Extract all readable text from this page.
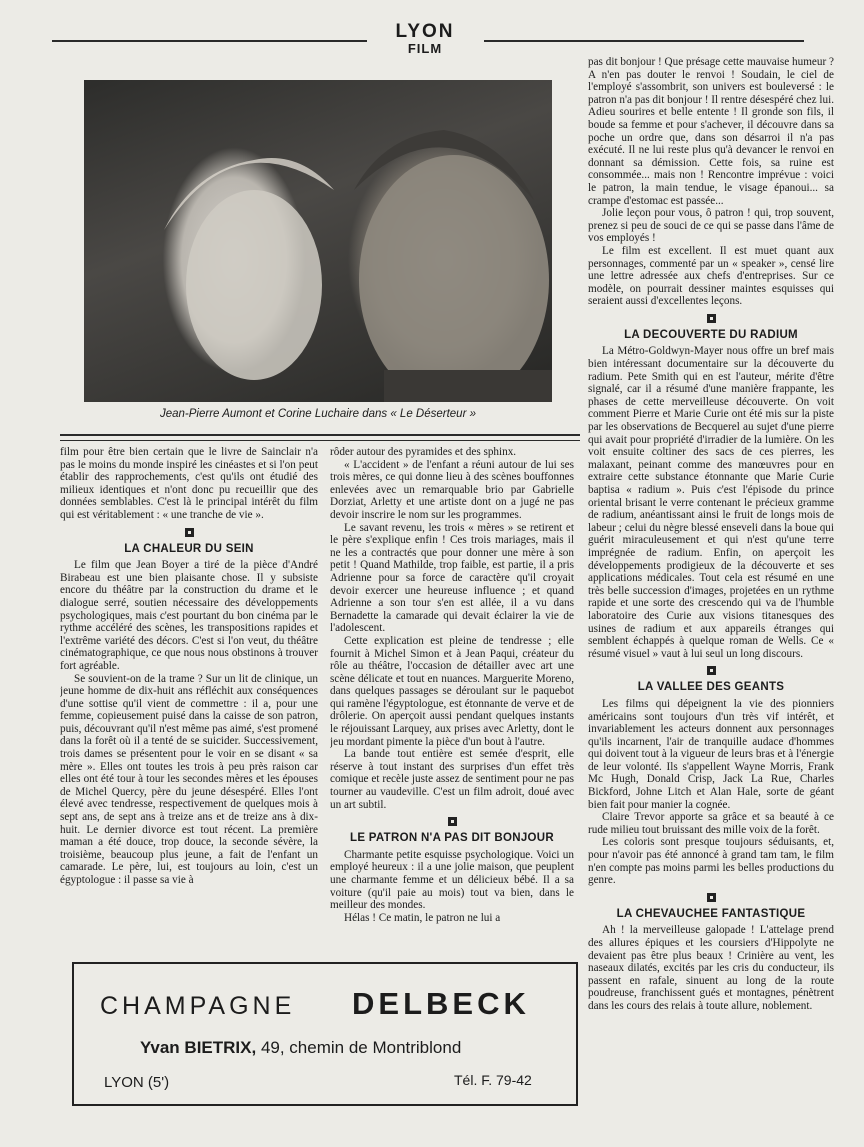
LYON
FILM
Jean-Pierre Aumont et Corine Luchaire dans « Le Déserteur »

film pour être bien certain que le livre de Sainclair n'a pas le moins du monde inspiré les cinéastes et si l'on peut établir des rapprochements, c'est qu'ils ont étudié des milieux identiques et n'ont donc pu recueillir que des données semblables. C'est là le principal intérêt du film qui est véritablement : « une tranche de vie ».

LA CHALEUR DU SEIN

Le film que Jean Boyer a tiré de la pièce d'André Birabeau est une bien plaisante chose. Il y subsiste encore du théâtre par la construction du drame et le dialogue serré, soutien nécessaire des développements psychologiques, mais c'est pourtant du bon cinéma par le rythme accéléré des scènes, les transpositions rapides et l'extrême variété des décors. C'est si l'on veut, du théâtre cinématographique, ce que nous nous obstinons à trouver fort agréable.

Se souvient-on de la trame ? Sur un lit de clinique, un jeune homme de dix-huit ans réfléchit aux conséquences d'une sottise qu'il vient de commettre : il a, pour une femme, copieusement puisé dans la caisse de son patron, puis, découvrant qu'il n'est même pas aimé, s'est promené dans la forêt où il a tenté de se suicider. Successivement, trois dames se présentent pour le voir en se disant « sa mère ». Elles ont toutes les trois à peu près raison car elles ont été tour à tour les secondes mères et les épouses de Michel Quercy, père du jeune désespéré. Elles l'ont élevé avec tendresse, respectivement de quelques mois à sept ans, de sept ans à treize ans et de treize ans à dix-huit. Le dernier divorce est tout récent. La première maman a été douce, trop douce, la seconde sévère, la troisième, beaucoup plus jeune, a fait de l'enfant un camarade. Le père, lui, est toujours au loin, c'est un égyptologue : il passe sa vie à

rôder autour des pyramides et des sphinx.

« L'accident » de l'enfant a réuni autour de lui ses trois mères, ce qui donne lieu à des scènes bouffonnes enlevées avec un remarquable brio par Gabrielle Dorziat, Arletty et une artiste dont on a jugé ne pas devoir inscrire le nom sur les programmes.

Le savant revenu, les trois « mères » se retirent et le père s'explique enfin ! Ces trois mariages, mais il ne les a contractés que pour donner une mère à son petit ! Quand Mathilde, trop faible, est partie, il a pris Adrienne pour sa force de caractère qu'il croyait devoir exercer une heureuse influence ; et quand Adrienne a son tour s'en est allée, il a vu dans Bernadette la camarade qui devait éclairer la vie de l'adolescent.

Cette explication est pleine de tendresse ; elle fournit à Michel Simon et à Jean Paqui, créateur du rôle au théâtre, l'occasion de détailler avec art une scène délicate et tout en nuances. Marguerite Moreno, dans quelques passages se déroulant sur le paquebot qui ramène l'égyptologue, est étonnante de verve et de drôlerie. On aperçoit aussi pendant quelques instants le réjouissant Larquey, aux prises avec Arletty, dont le jeu mordant pimente la pièce d'un bout à l'autre.

La bande tout entière est semée d'esprit, elle réserve à tout instant des surprises d'un effet très comique et recèle juste assez de sentiment pour ne pas tourner au vaudeville. C'est un film adroit, doué avec un art subtil.

LE PATRON N'A PAS DIT BONJOUR

Charmante petite esquisse psychologique. Voici un employé heureux : il a une jolie maison, que peuplent une charmante femme et un délicieux bébé. Il a sa voiture (qu'il paie au mois) tout va bien, dans le meilleur des mondes.

Hélas ! Ce matin, le patron ne lui a

pas dit bonjour ! Que présage cette mauvaise humeur ? A n'en pas douter le renvoi ! Soudain, le ciel de l'employé s'assombrit, son univers est bouleversé : le patron n'a pas dit bonjour ! Il rentre désespéré chez lui. Adieu sourires et belle entente ! Il gronde son fils, il boude sa femme et pour s'achever, il découvre dans sa poche un ordre que, dans son désarroi il n'a pas exécuté. Il ne lui reste plus qu'à devancer le renvoi en donnant sa démission. Cette fois, sa ruine est consommée... mais non ! Rencontre imprévue : voici le patron, la main tendue, le visage épanoui... sa crampe d'estomac est passée...

Jolie leçon pour vous, ô patron ! qui, trop souvent, prenez si peu de souci de ce qui se passe dans l'âme de vos employés !

Le film est excellent. Il est muet quant aux personnages, commenté par un « speaker », censé lire une lettre adressée aux chefs d'entreprises. Sur ce modèle, on pourrait dessiner maintes esquisses qui seraient aussi d'excellentes leçons.

LA DECOUVERTE DU RADIUM

La Métro-Goldwyn-Mayer nous offre un bref mais bien intéressant documentaire sur la découverte du radium. Pete Smith qui en est l'auteur, mérite d'être signalé, car il a résumé d'une manière frappante, les phases de cette merveilleuse découverte. On voit comment Pierre et Marie Curie ont été mis sur la piste par les observations de Becquerel au sujet d'une pierre qui avait pour propriété d'irradier de la lumière. On les voit ensuite coltiner des sacs de ces pierres, les malaxant, peinant comme des manœuvres pour en extraire cette substance étonnante que Marie Curie baptisa « radium ». Puis c'est l'épisode du prince oriental brisant le verre contenant le précieux gramme de radium, anéantissant ainsi le fruit de longs mois de labeur ; celui du nègre blessé enseveli dans la boue qui guérit miraculeusement et qui n'est qu'une terre imprégnée de radium. Enfin, on aperçoit les développements prodigieux de la découverte et ses applications médicales. Tout cela est résumé en une très belle succession d'images, projetées en un rythme rapide et une sorte des crescendo qui va de l'humble laboratoire des Curie aux visions titanesques des usines de radium et aux appareils étranges qui semblent échappés à quelque roman de Wells. Ce « résumé visuel » vaut à lui seul un long discours.

LA VALLEE DES GEANTS

Les films qui dépeignent la vie des pionniers américains sont toujours d'un très vif intérêt, et invariablement les acteurs donnent aux personnages qu'ils incarnent, l'air de tranquille audace d'hommes qui doivent tout à la vigueur de leurs bras et à l'énergie de leur volonté. Ils s'appellent Wayne Morris, Frank Mc Hugh, Donald Crisp, Jack La Rue, Charles Bickford, Johne Litch et Alan Hale, sorte de géant bien fait pour manier la cognée.

Claire Trevor apporte sa grâce et sa beauté à ce rude milieu tout bruissant des mille voix de la forêt.

Les coloris sont presque toujours séduisants, et, pour n'avoir pas été annoncé à grand tam tam, le film n'en compte pas moins parmi les belles productions du genre.

LA CHEVAUCHEE FANTASTIQUE

Ah ! la merveilleuse galopade ! L'attelage prend des allures épiques et les coursiers d'Hippolyte ne devaient pas être plus beaux ! Crinière au vent, les naseaux dilatés, excités par les cris du conducteur, ils passent en rafale, sinuent au long de la route poudreuse, franchissent gués et montagnes, pénètrent dans les cours des relais à toute allure, noblement.

CHAMPAGNE DELBECK
Yvan BIETRIX, 49, chemin de Montriblond
LYON (5')	Tél. F. 79-42
